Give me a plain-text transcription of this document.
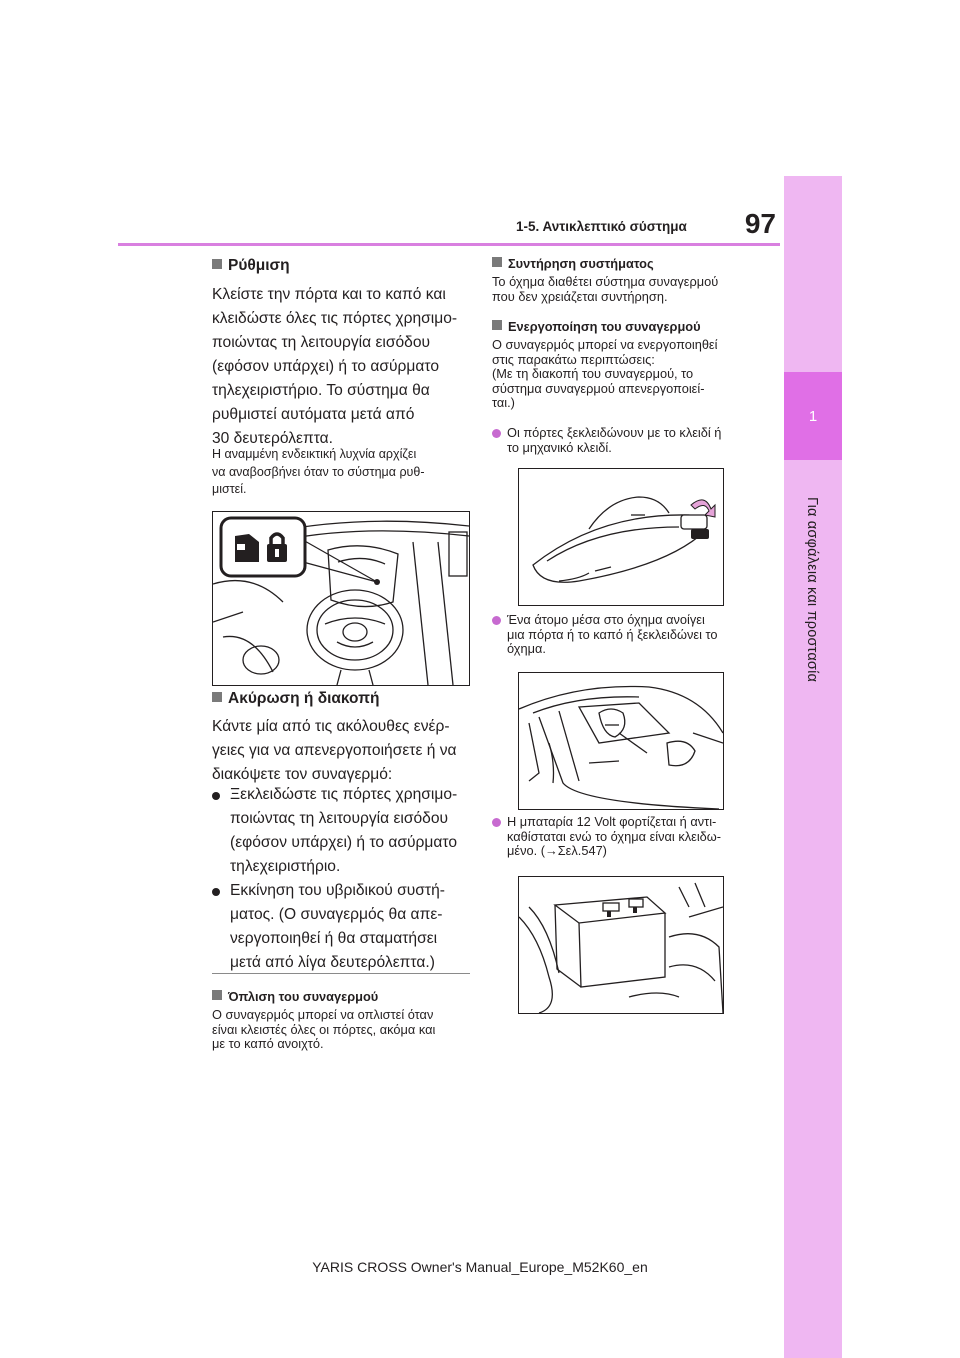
1
Για ασφάλεια και προστασία
1-5. Αντικλεπτικό σύστημα	97
Ρύθμιση

Κλείστε την πόρτα και το καπό και

κλειδώστε όλες τις πόρτες χρησιμο-

ποιώντας τη λειτουργία εισόδου

(εφόσον υπάρχει) ή το ασύρματο

τηλεχειριστήριο. Το σύστημα θα

ρυθμιστεί αυτόματα μετά από

30 δευτερόλεπτα.

Η αναμμένη ενδεικτική λυχνία αρχίζει

να αναβοσβήνει όταν το σύστημα ρυθ-

μιστεί.

Ακύρωση ή διακοπή

Κάντε μία από τις ακόλουθες ενέρ-

γειες για να απενεργοποιήσετε ή να

διακόψετε τον συναγερμό:

Ξεκλειδώστε τις πόρτες χρησιμο-

ποιώντας τη λειτουργία εισόδου

(εφόσον υπάρχει) ή το ασύρματο

τηλεχειριστήριο.

Εκκίνηση του υβριδικού συστή-

ματος. (Ο συναγερμός θα απε-

νεργοποιηθεί ή θα σταματήσει

μετά από λίγα δευτερόλεπτα.)

Όπλιση του συναγερμού

Ο συναγερμός μπορεί να οπλιστεί όταν

είναι κλειστές όλες οι πόρτες, ακόμα και

με το καπό ανοιχτό.

Συντήρηση συστήματος

Το όχημα διαθέτει σύστημα συναγερμού

που δεν χρειάζεται συντήρηση.

Ενεργοποίηση του συναγερμού

Ο συναγερμός μπορεί να ενεργοποιηθεί

στις παρακάτω περιπτώσεις:

(Με τη διακοπή του συναγερμού, το

σύστημα συναγερμού απενεργοποιεί-

ται.)

Οι πόρτες ξεκλειδώνουν με το κλειδί ή

το μηχανικό κλειδί.

Ένα άτομο μέσα στο όχημα ανοίγει

μια πόρτα ή το καπό ή ξεκλειδώνει το

όχημα.

Η μπαταρία 12 Volt φορτίζεται ή αντι-

καθίσταται ενώ το όχημα είναι κλειδω-

μένο. (→Σελ.547)

YARIS CROSS Owner's Manual_Europe_M52K60_en
